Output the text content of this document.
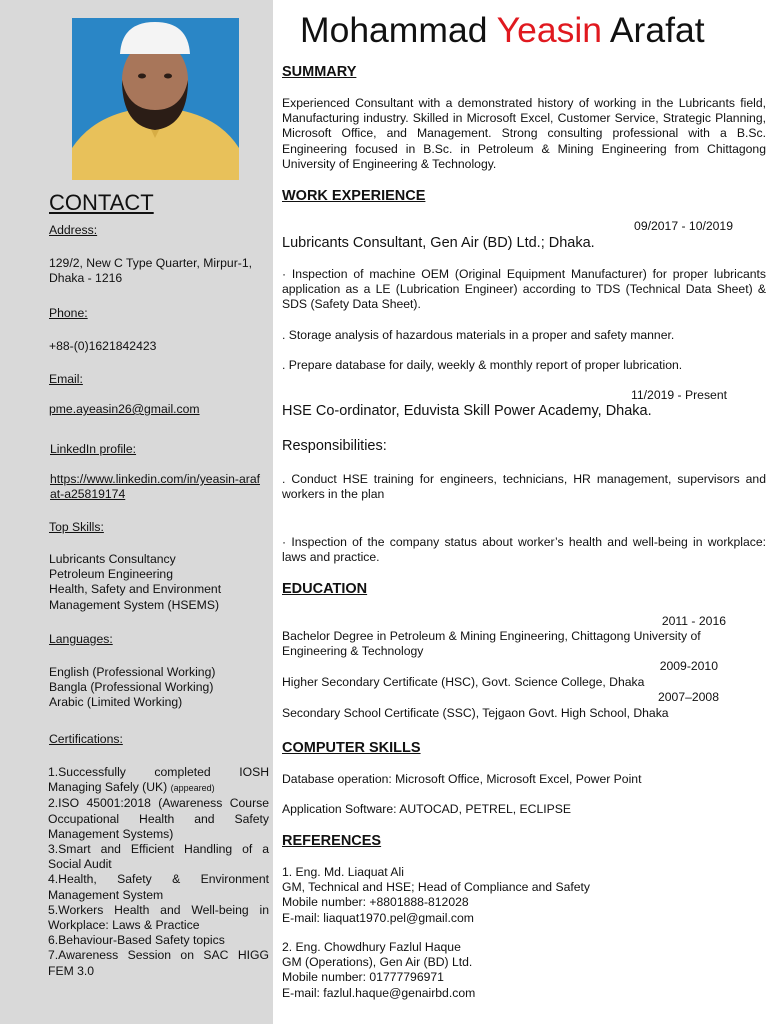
CONTACT
Address:
129/2, New C Type Quarter, Mirpur-1, Dhaka - 1216
Phone:
+88-(0)1621842423
Email:
pme.ayeasin26@gmail.com
LinkedIn profile:
https://www.linkedin.com/in/yeasin-arafat-a25819174
Top Skills:
Lubricants Consultancy
Petroleum Engineering
Health, Safety and Environment Management System (HSEMS)
Languages:
English (Professional Working)
Bangla (Professional Working)
Arabic (Limited Working)
Certifications:
1.Successfully completed IOSH Managing Safely (UK) (appeared)
2.ISO 45001:2018 (Awareness Course Occupational Health and Safety Management Systems)
3.Smart and Efficient Handling of a Social Audit
4.Health, Safety & Environment Management System
5.Workers Health and Well-being in Workplace: Laws & Practice
6.Behaviour-Based Safety topics
7.Awareness Session on SAC HIGG FEM 3.0
Mohammad Yeasin Arafat
SUMMARY
Experienced Consultant with a demonstrated history of working in the Lubricants field, Manufacturing industry. Skilled in Microsoft Excel, Customer Service, Strategic Planning, Microsoft Office, and Management. Strong consulting professional with a B.Sc. Engineering focused in B.Sc. in Petroleum & Mining Engineering from Chittagong University of Engineering & Technology.
WORK EXPERIENCE
09/2017 - 10/2019
Lubricants Consultant, Gen Air (BD) Ltd.; Dhaka.
· Inspection of machine OEM (Original Equipment Manufacturer) for proper lubricants application as a LE (Lubrication Engineer) according to TDS (Technical Data Sheet) & SDS (Safety Data Sheet).
. Storage analysis of hazardous materials in a proper and safety manner.
. Prepare database for daily, weekly & monthly report of proper lubrication.
11/2019 - Present
HSE Co-ordinator, Eduvista Skill Power Academy, Dhaka.
Responsibilities:
. Conduct HSE training for engineers, technicians, HR management, supervisors and workers in the plan
· Inspection of the company status about worker’s health and well-being in workplace: laws and practice.
EDUCATION
2011 - 2016
Bachelor Degree in Petroleum & Mining Engineering, Chittagong University of Engineering & Technology
2009-2010
Higher Secondary Certificate (HSC), Govt. Science College, Dhaka
2007–2008
Secondary School Certificate (SSC), Tejgaon Govt. High School, Dhaka
COMPUTER SKILLS
Database operation: Microsoft Office, Microsoft Excel, Power Point
Application Software: AUTOCAD, PETREL, ECLIPSE
REFERENCES
1. Eng. Md. Liaquat Ali
GM, Technical and HSE; Head of Compliance and Safety
Mobile number: +8801888-812028
E-mail: liaquat1970.pel@gmail.com
2. Eng. Chowdhury Fazlul Haque
GM (Operations), Gen Air (BD) Ltd.
Mobile number: 01777796971
E-mail: fazlul.haque@genairbd.com
